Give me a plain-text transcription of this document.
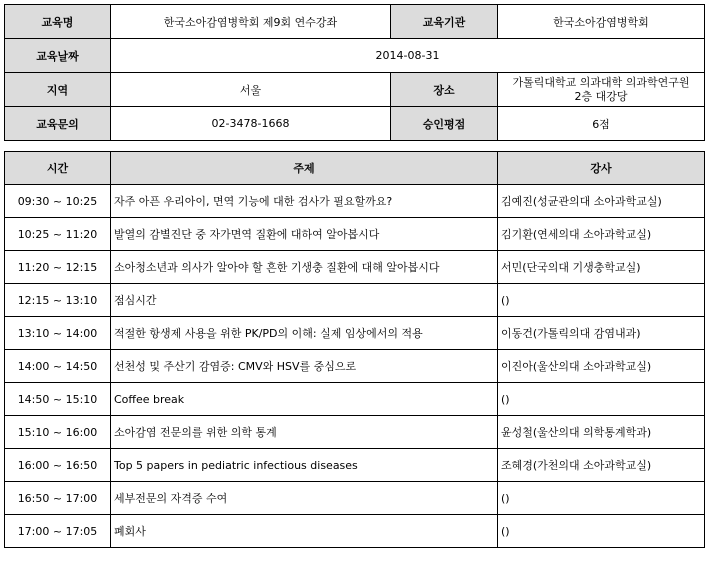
교육명	한국소아감염병학회 제9회 연수강좌	교육기관	한국소아감염병학회
교육날짜	2014-08-31		
지역	서울	장소	가톨릭대학교 의과대학 의과학연구원
2층 대강당
교육문의	02-3478-1668	승인평점	6점
시간	주제	강사
09:30 ~ 10:25	자주 아픈 우리아이, 면역 기능에 대한 검사가 필요할까요?	김예진(성균관의대 소아과학교실)
10:25 ~ 11:20	발열의 감별진단 중 자가면역 질환에 대하여 알아봅시다	김기환(연세의대 소아과학교실)
11:20 ~ 12:15	소아청소년과 의사가 알아야 할 흔한 기생충 질환에 대해 알아봅시다	서민(단국의대 기생충학교실)
12:15 ~ 13:10	점심시간	()
13:10 ~ 14:00	적절한 항생제 사용을 위한 PK/PD의 이해: 실제 임상에서의 적용	이동건(가톨릭의대 감염내과)
14:00 ~ 14:50	선천성 및 주산기 감염증: CMV와 HSV를 중심으로	이진아(울산의대 소아과학교실)
14:50 ~ 15:10	Coffee break	()
15:10 ~ 16:00	소아감염 전문의를 위한 의학 통계	윤성철(울산의대 의학통계학과)
16:00 ~ 16:50	Top 5 papers in pediatric infectious diseases	조혜경(가천의대 소아과학교실)
16:50 ~ 17:00	세부전문의 자격증 수여	()
17:00 ~ 17:05	폐회사	()
